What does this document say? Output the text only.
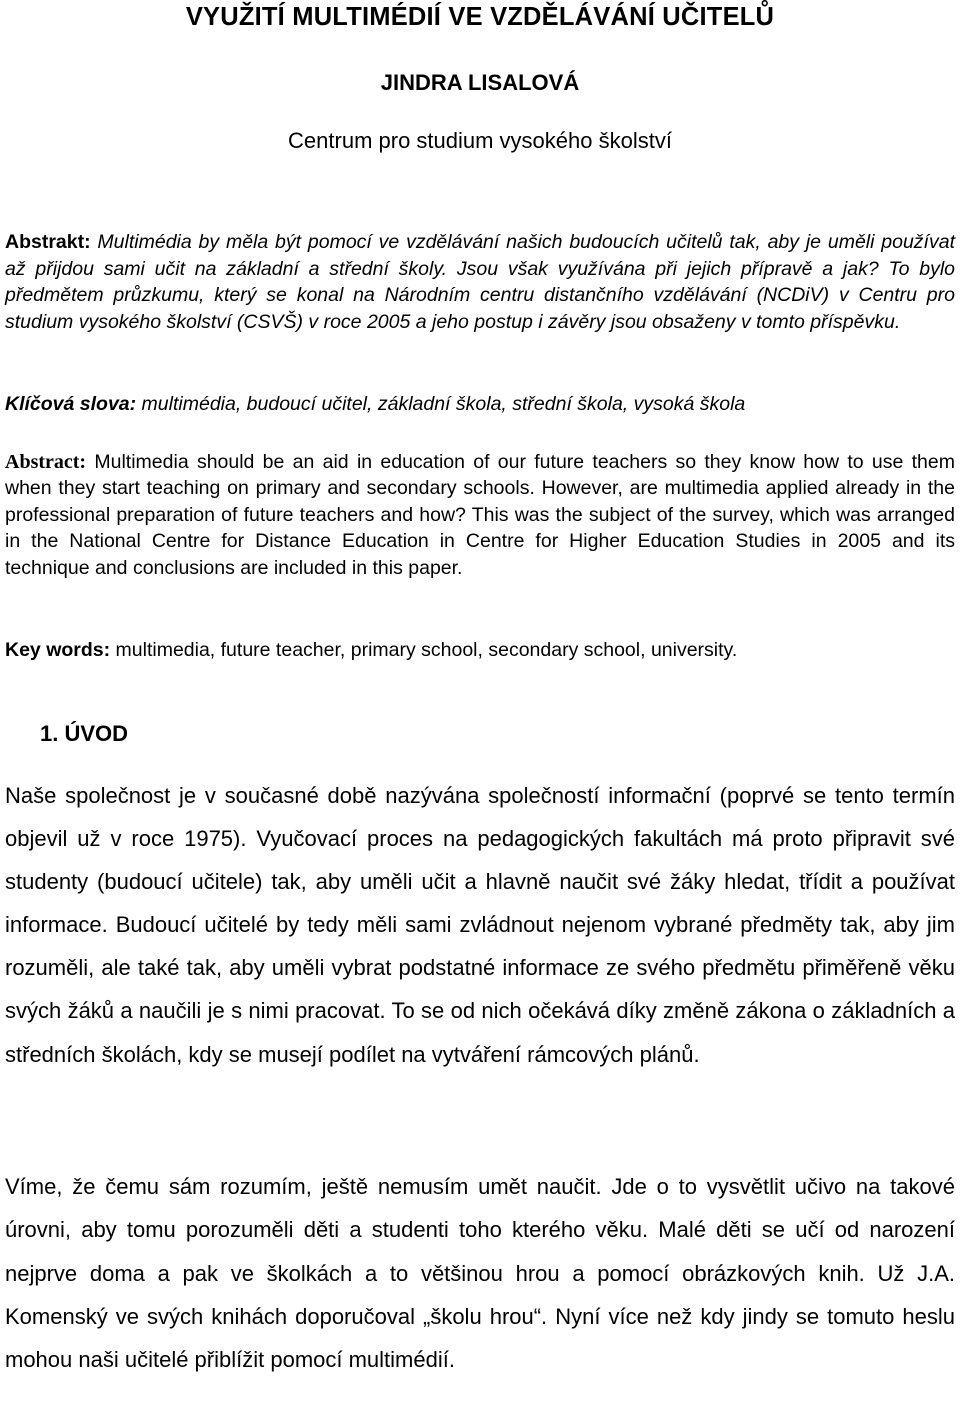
VYUŽITÍ MULTIMÉDIÍ VE VZDĚLÁVÁNÍ UČITELŮ
JINDRA LISALOVÁ
Centrum pro studium vysokého školství

Abstrakt: Multimédia by měla být pomocí ve vzdělávání našich budoucích učitelů tak, aby je uměli používat až přijdou sami učit na základní a střední školy. Jsou však využívána při jejich přípravě a jak? To bylo předmětem průzkumu, který se konal na Národním centru distančního vzdělávání (NCDiV) v Centru pro studium vysokého školství (CSVŠ) v roce 2005 a jeho postup i závěry jsou obsaženy v tomto příspěvku.

Klíčová slova: multimédia, budoucí učitel, základní škola, střední škola, vysoká škola

Abstract: Multimedia should be an aid in education of our future teachers so they know how to use them when they start teaching on primary and secondary schools. However, are multimedia applied already in the professional preparation of future teachers and how? This was the subject of the survey, which was arranged in the National Centre for Distance Education in Centre for Higher Education Studies in 2005 and its technique and conclusions are included in this paper.

Key words: multimedia, future teacher, primary school, secondary school, university.

1. ÚVOD

Naše společnost je v současné době nazývána společností informační (poprvé se tento termín objevil už v roce 1975). Vyučovací proces na pedagogických fakultách má proto připravit své studenty (budoucí učitele) tak, aby uměli učit a hlavně naučit své žáky hledat, třídit a používat informace. Budoucí učitelé by tedy měli sami zvládnout nejenom vybrané předměty tak, aby jim rozuměli, ale také tak, aby uměli vybrat podstatné informace ze svého předmětu přiměřeně věku svých žáků a naučili je s nimi pracovat. To se od nich očekává díky změně zákona o základních a středních školách, kdy se musejí podílet na vytváření rámcových plánů.

Víme, že čemu sám rozumím, ještě nemusím umět naučit. Jde o to vysvětlit učivo na takové úrovni, aby tomu porozuměli děti a studenti toho kterého věku. Malé děti se učí od narození nejprve doma a pak ve školkách a to většinou hrou a pomocí obrázkových knih. Už J.A. Komenský ve svých knihách doporučoval „školu hrou“. Nyní více než kdy jindy se tomuto heslu mohou naši učitelé přiblížit pomocí multimédií.
